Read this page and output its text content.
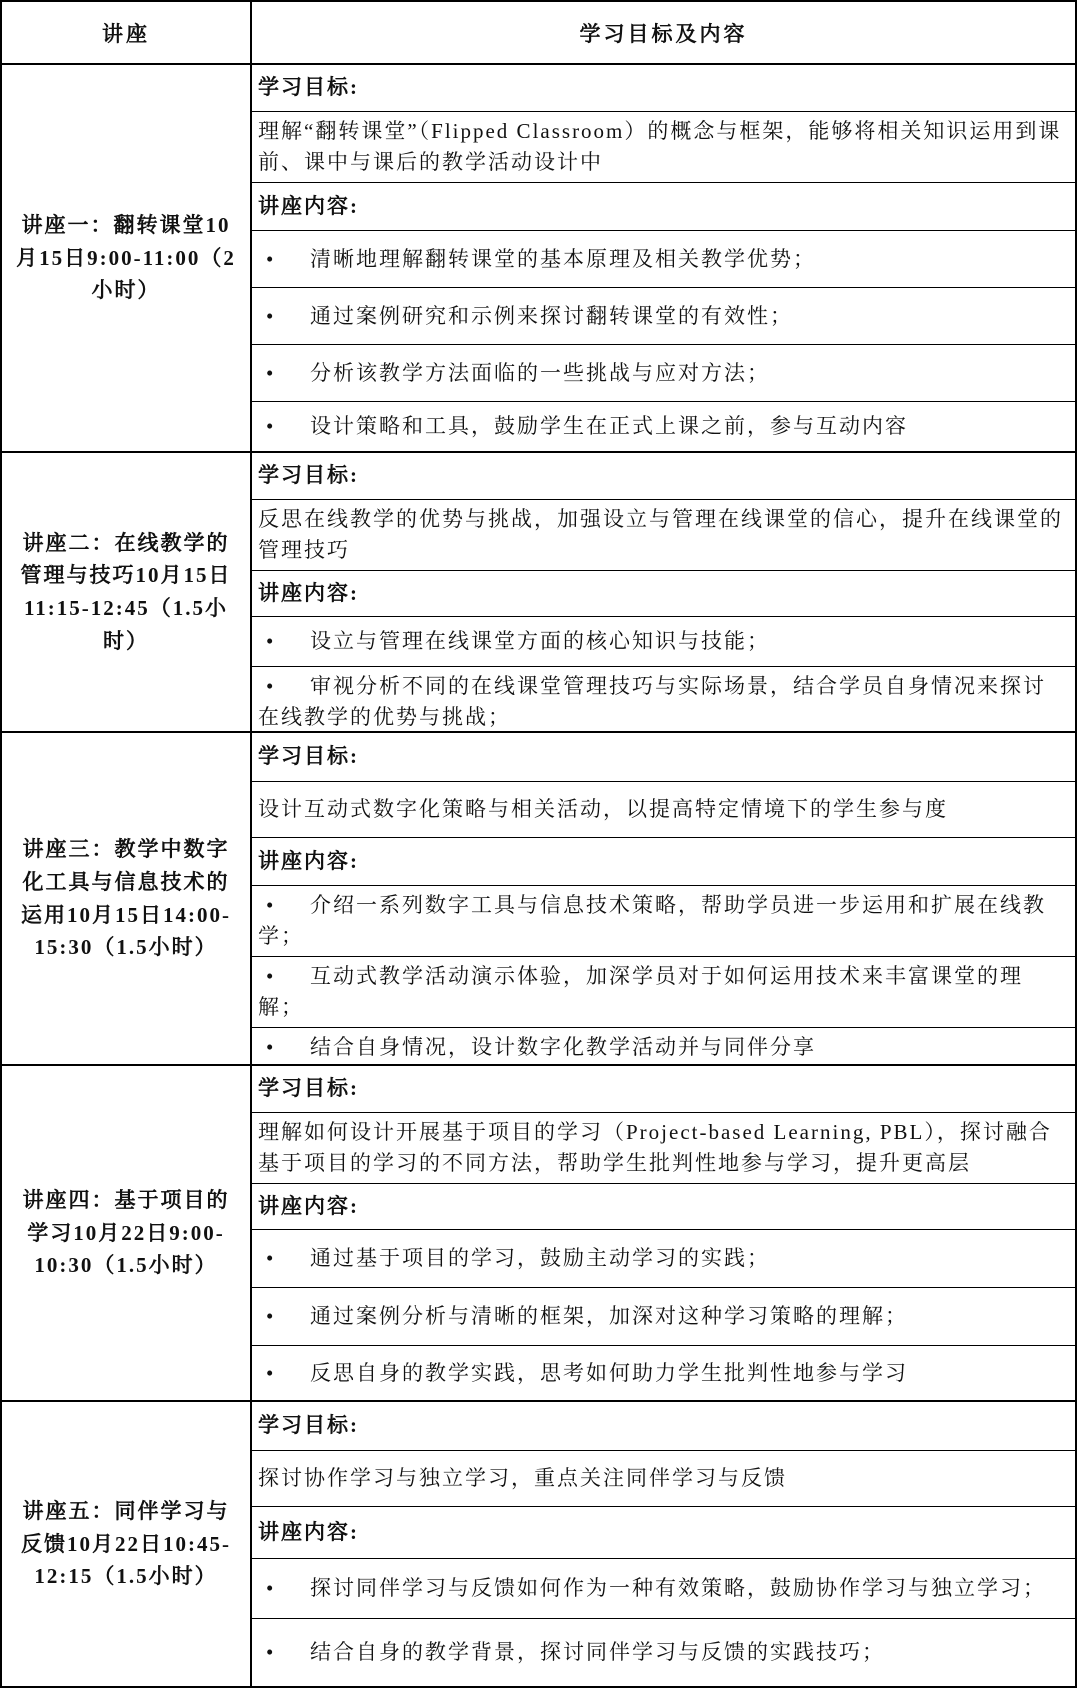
讲座	学习目标及内容
讲座一：翻转课堂10月15日9:00-11:00（2小时）
学习目标:
理解“翻转课堂”（Flipped Classroom）的概念与框架，能够将相关知识运用到课前、课中与课后的教学活动设计中
讲座内容:
• 清晰地理解翻转课堂的基本原理及相关教学优势；
• 通过案例研究和示例来探讨翻转课堂的有效性；
• 分析该教学方法面临的一些挑战与应对方法；
• 设计策略和工具，鼓励学生在正式上课之前，参与互动内容
讲座二：在线教学的管理与技巧10月15日11:15-12:45（1.5小时）
学习目标:
反思在线教学的优势与挑战，加强设立与管理在线课堂的信心，提升在线课堂的管理技巧
讲座内容:
• 设立与管理在线课堂方面的核心知识与技能；
• 审视分析不同的在线课堂管理技巧与实际场景，结合学员自身情况来探讨在线教学的优势与挑战；
讲座三：教学中数字化工具与信息技术的运用10月15日14:00-15:30（1.5小时）
学习目标:
设计互动式数字化策略与相关活动，以提高特定情境下的学生参与度
讲座内容:
• 介绍一系列数字工具与信息技术策略，帮助学员进一步运用和扩展在线教学；
• 互动式教学活动演示体验，加深学员对于如何运用技术来丰富课堂的理解；
• 结合自身情况，设计数字化教学活动并与同伴分享
讲座四：基于项目的学习10月22日9:00-10:30（1.5小时）
学习目标:
理解如何设计开展基于项目的学习（Project-based Learning, PBL），探讨融合基于项目的学习的不同方法，帮助学生批判性地参与学习，提升更高层
讲座内容:
• 通过基于项目的学习，鼓励主动学习的实践；
• 通过案例分析与清晰的框架，加深对这种学习策略的理解；
• 反思自身的教学实践，思考如何助力学生批判性地参与学习
讲座五：同伴学习与反馈10月22日10:45-12:15（1.5小时）
学习目标:
探讨协作学习与独立学习，重点关注同伴学习与反馈
讲座内容:
• 探讨同伴学习与反馈如何作为一种有效策略，鼓励协作学习与独立学习；
• 结合自身的教学背景，探讨同伴学习与反馈的实践技巧；
